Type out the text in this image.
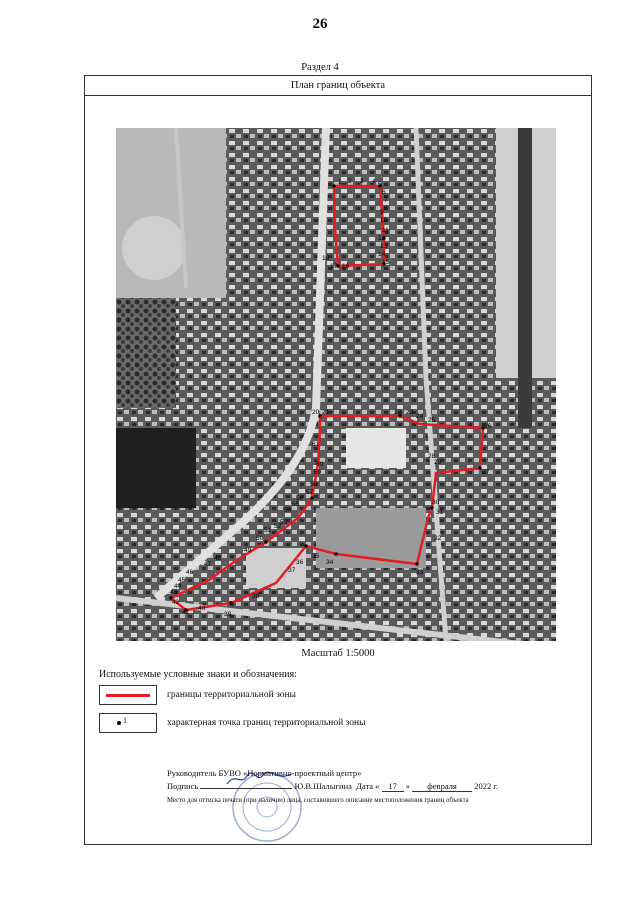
26
Раздел 4
План границ объекта
1 2 3 4 5
6
7
8
9
10
11
12
13
14
15
16
17
18
20 21	22 23
24
25
26
27
28
29
30
31
32
33
34
35
36
37
38
39
40
41
42
43
44
45
46
47
48
49
50
51
52
53
54
55
56
57
58
59
60
61
Масштаб 1:5000
Используемые условные знаки и обозначения:
границы территориальной зоны
1	характерная точка границ территориальной зоны
Руководитель БУВО «Нормативно-проектный центр»
Подпись	Ю.В.Шалыгина Дата « 17 » февраля 2022 г.
Место для оттиска печати (при наличии) лица, составившего описание местоположения границ объекта
